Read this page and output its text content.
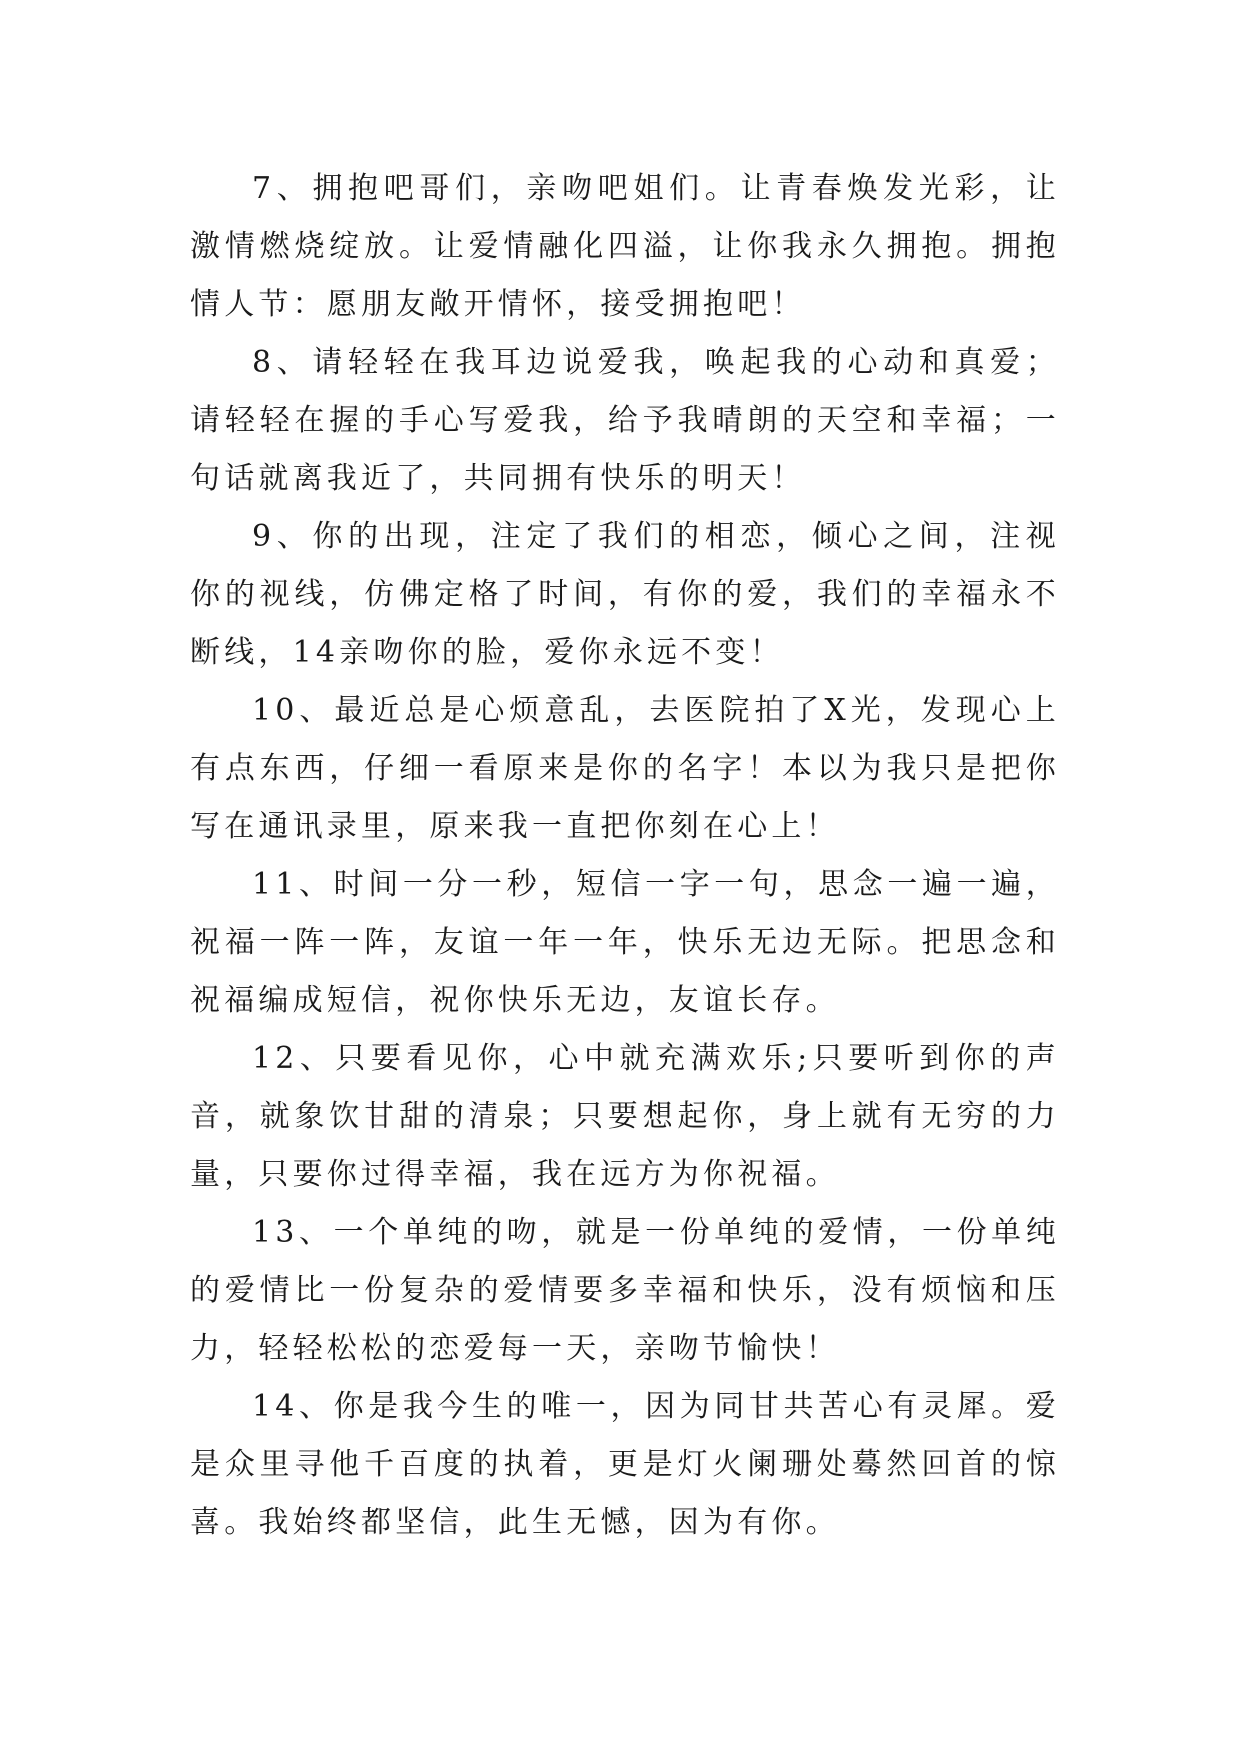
7、拥抱吧哥们，亲吻吧姐们。让青春焕发光彩，让激情燃烧绽放。让爱情融化四溢，让你我永久拥抱。拥抱情人节：愿朋友敞开情怀，接受拥抱吧！

8、请轻轻在我耳边说爱我，唤起我的心动和真爱；请轻轻在握的手心写爱我，给予我晴朗的天空和幸福；一句话就离我近了，共同拥有快乐的明天！

9、你的出现，注定了我们的相恋，倾心之间，注视你的视线，仿佛定格了时间，有你的爱，我们的幸福永不断线，14亲吻你的脸，爱你永远不变！

10、最近总是心烦意乱，去医院拍了X光，发现心上有点东西，仔细一看原来是你的名字！本以为我只是把你写在通讯录里，原来我一直把你刻在心上！

11、时间一分一秒，短信一字一句，思念一遍一遍，祝福一阵一阵，友谊一年一年，快乐无边无际。把思念和祝福编成短信，祝你快乐无边，友谊长存。

12、只要看见你，心中就充满欢乐;只要听到你的声音，就象饮甘甜的清泉；只要想起你，身上就有无穷的力量，只要你过得幸福，我在远方为你祝福。

13、一个单纯的吻，就是一份单纯的爱情，一份单纯的爱情比一份复杂的爱情要多幸福和快乐，没有烦恼和压力，轻轻松松的恋爱每一天，亲吻节愉快！

14、你是我今生的唯一，因为同甘共苦心有灵犀。爱是众里寻他千百度的执着，更是灯火阑珊处蓦然回首的惊喜。我始终都坚信，此生无憾，因为有你。
